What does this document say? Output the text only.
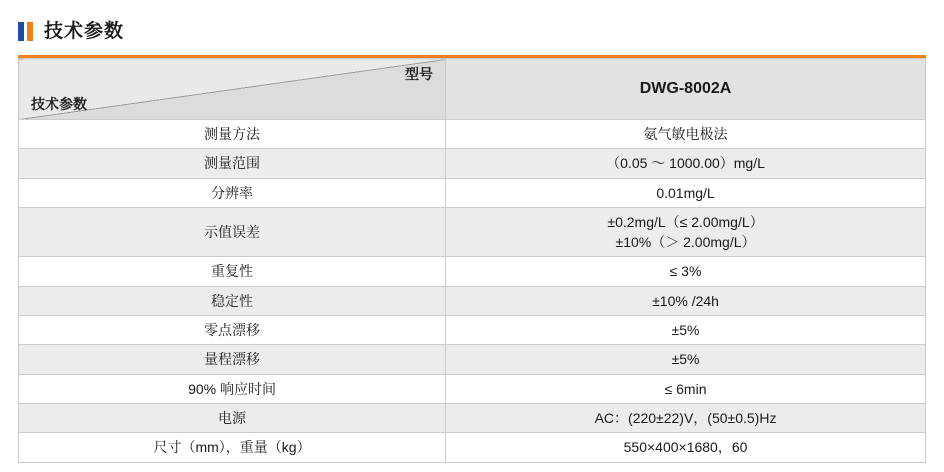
技术参数
型号
技术参数	DWG-8002A
测量方法	氨气敏电极法
测量范围	（0.05 ～ 1000.00）mg/L
分辨率	0.01mg/L
示值误差	±0.2mg/L（≤ 2.00mg/L）
±10%（＞ 2.00mg/L）

重复性	≤ 3%
稳定性	±10% /24h
零点漂移	±5%
量程漂移	±5%
90% 响应时间	≤ 6min
电源	AC：(220±22)V，(50±0.5)Hz
尺寸（mm），重量（kg）	550×400×1680，60
